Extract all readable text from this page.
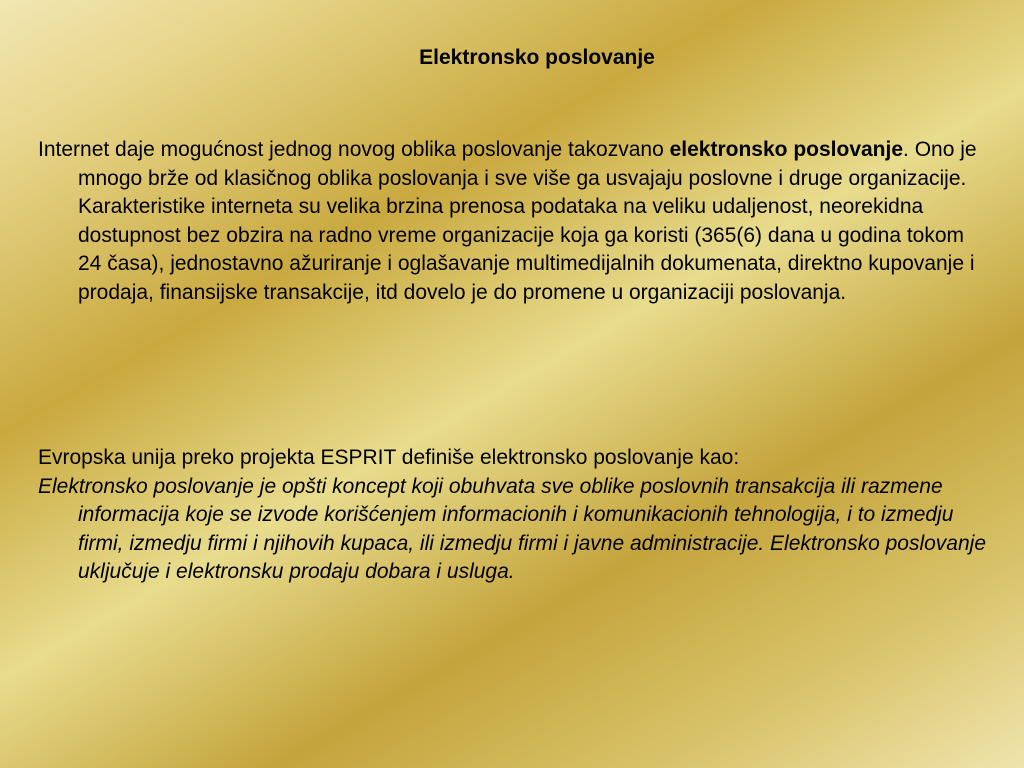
Elektronsko poslovanje

Internet daje mogućnost jednog novog oblika poslovanje takozvano elektronsko poslovanje. Ono je mnogo brže od klasičnog oblika poslovanja i sve više ga usvajaju poslovne i druge organizacije. Karakteristike interneta su velika brzina prenosa podataka na veliku udaljenost, neorekidna dostupnost bez obzira na radno vreme organizacije koja ga koristi (365(6) dana u godina tokom 24 časa), jednostavno ažuriranje i oglašavanje multimedijalnih dokumenata, direktno kupovanje i prodaja, finansijske transakcije, itd dovelo je do promene u organizaciji poslovanja.

Evropska unija preko projekta ESPRIT definiše elektronsko poslovanje kao:

Elektronsko poslovanje je opšti koncept koji obuhvata sve oblike poslovnih transakcija ili razmene informacija koje se izvode korišćenjem informacionih i komunikacionih tehnologija, i to izmedju firmi, izmedju firmi i njihovih kupaca, ili izmedju firmi i javne administracije. Elektronsko poslovanje uključuje i elektronsku prodaju dobara i usluga.
